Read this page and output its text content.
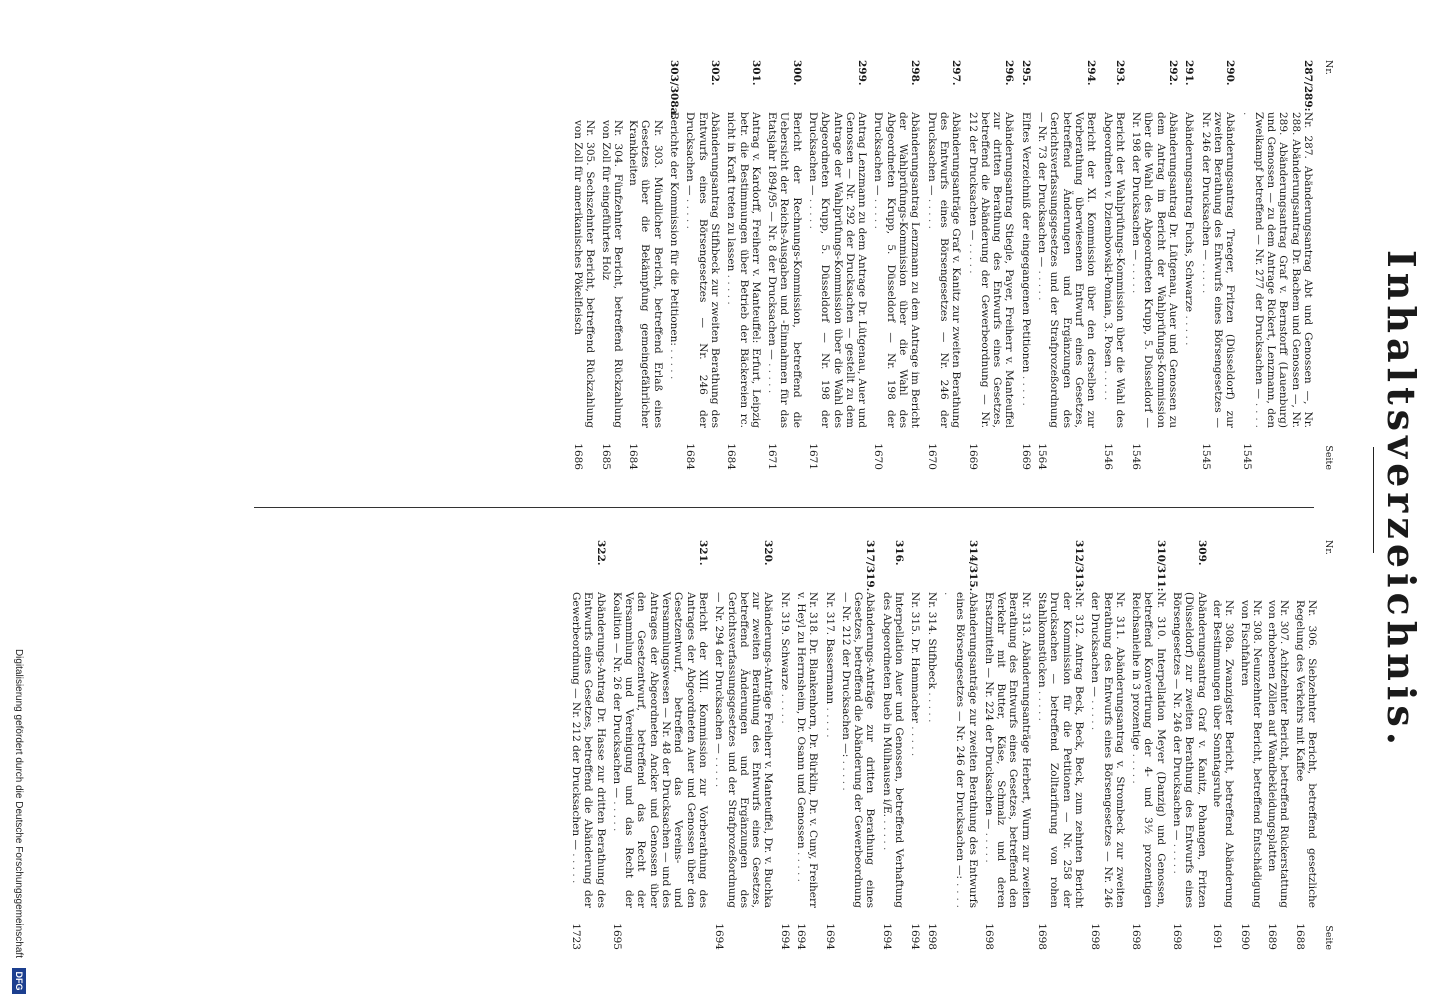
Inhaltsverzeichnis.
Nr.
Seite
287/289:
Nr. 287. Abänderungsantrag Abt und Genossen —, Nr. 288. Abänderungsantrag Dr. Bachem und Genossen —, Nr. 289. Abänderungsantrag Graf v. Bernstorff (Lauenburg) und Genossen — zu dem Antrage Rickert, Lenzmann, den Zweikampf betreffend — Nr. 277 der Drucksachen — . . .
1545
290.
Abänderungsantrag Traeger, Fritzen (Düsseldorf) zur zweiten Berathung des Entwurfs eines Börsengesetzes — Nr. 246 der Drucksachen — . . .
1545
291.
Abänderungsantrag Fuchs, Schwarze . . .
292.
Abänderungsantrag Dr. Lütgenau, Auer und Genossen zu dem Antrag im Bericht der Wahlprüfungs-Kommission über die Wahl des Abgeordneten Krupp, 5. Düsseldorf — Nr. 198 der Drucksachen — . . .
1546
293.
Bericht der Wahlprüfungs-Kommission über die Wahl des Abgeordneten v. Dziembowski-Pomian, 3. Posen . . .
1546
294.
Bericht der XI. Kommission über den derselben zur Vorberathung überwiesenen Entwurf eines Gesetzes, betreffend Änderungen und Ergänzungen des Gerichtsverfassungsgesetzes und der Strafprozeßordnung — Nr. 73 der Drucksachen — . . .
1564
295.
Elftes Verzeichniß der eingegangenen Petitionen . . .
1669
296.
Abänderungsantrag Stiegle, Payer, Freiherr v. Manteuffel zur dritten Berathung des Entwurfs eines Gesetzes, betreffend die Abänderung der Gewerbeordnung — Nr. 212 der Drucksachen — . . .
1669
297.
Abänderungsanträge Graf v. Kanitz zur zweiten Berathung des Entwurfs eines Börsengesetzes — Nr. 246 der Drucksachen — . . .
1670
298.
Abänderungsantrag Lenzmann zu dem Antrage im Bericht der Wahlprüfungs-Kommission über die Wahl des Abgeordneten Krupp, 5. Düsseldorf — Nr. 198 der Drucksachen — . . .
1670
299.
Antrag Lenzmann zu dem Antrage Dr. Lütgenau, Auer und Genossen — Nr. 292 der Drucksachen — gestellt zu dem Antrage der Wahlprüfungs-Kommission über die Wahl des Abgeordneten Krupp, 5. Düsseldorf — Nr. 198 der Drucksachen — . . .
1671
300.
Bericht der Rechnungs-Kommission, betreffend die Uebersicht der Reichs-Ausgaben und -Einnahmen für das Etatsjahr 1894/95 — Nr. 8 der Drucksachen — . . .
1671
301.
Antrag v. Kardorff, Freiherr v. Manteuffel: Erfurt, Leipzig betr. die Bestimmungen über Betrieb der Bäckereien rc. nicht in Kraft treten zu lassen . . .
1684
302.
Abänderungsantrag Stifhbeck zur zweiten Berathung des Entwurfs eines Börsengesetzes — Nr. 246 der Drucksachen — . . .
1684
303/308a.
Berichte der Kommission für die Petitionen: . . .
Nr. 303. Mündlicher Bericht, betreffend Erlaß eines Gesetzes über die Bekämpfung gemeingefährlicher Krankheiten
1684
Nr. 304. Fünfzehnter Bericht, betreffend Rückzahlung von Zoll für eingeführtes Holz
1685
Nr. 305. Sechszehnter Bericht, betreffend Rückzahlung von Zoll für amerikanisches Pökelfleisch
1686
Nr.
Seite
Nr. 306. Siebzehnter Bericht, betreffend gesetzliche Regelung des Verkehrs mit Kaffee
1688
Nr. 307. Achtzehnter Bericht, betreffend Rückerstattung von erhobenen Zöllen auf Wandbekleidungsplatten
1689
Nr. 308. Neunzehnter Bericht, betreffend Entschädigung von Fischfahren
1690
Nr. 308a. Zwanzigster Bericht, betreffend Abänderung der Bestimmungen über Sonntagsruhe
1691
309.
Abänderungsantrag Graf v. Kanitz, Pohangen, Fritzen (Düsseldorf) zur zweiten Berathung des Entwurfs eines Börsengesetzes — Nr. 246 der Drucksachen — . . .
1698
310/311:
Nr. 310. Interpellation Meyer (Danzig) und Genossen, betreffend Konvertirung der 4- und 3½ prozentigen Reichsanleihe in 3 prozentige . . .
1698
Nr. 311. Abänderungsantrag v. Strombeck zur zweiten Berathung des Entwurfs eines Börsengesetzes — Nr. 246 der Drucksachen — . . .
1698
312/313:
Nr. 312. Antrag Beck, Beck, Beck, zum zehnten Bericht der Kommission für die Petitionen — Nr. 258 der Drucksachen — betreffend Zolltarifirung von rohen Stahlkonnstücken . . .
1698
Nr. 313. Abänderungsanträge Herbert, Wurm zur zweiten Berathung des Entwurfs eines Gesetzes, betreffend den Verkehr mit Butter, Käse, Schmalz und deren Ersatzmitteln — Nr. 224 der Drucksachen — . . .
1698
314/315.
Abänderungsanträge zur zweiten Berathung des Entwurfs eines Börsengesetzes — Nr. 246 der Drucksachen —: . . .
Nr. 314. Stifhbeck . . .
1698
Nr. 315. Dr. Hammacher . . .
1694
316.
Interpellation Auer und Genossen, betreffend Verhaftung des Abgeordneten Bueb in Mülhausen i/E. . . .
1694
317/319.
Abänderungs-Anträge zur dritten Berathung eines Gesetzes, betreffend die Abänderung der Gewerbeordnung — Nr. 212 der Drucksachen —: . . .
Nr. 317. Bassermann . . .
1694
Nr. 318. Dr. Blankenhorn, Dr. Bürklin, Dr. v. Cuny, Freiherr v. Heyl zu Herrnsheim, Dr. Osann und Genossen . . .
1694
Nr. 319. Schwarze . . .
1694
320.
Abänderungs-Anträge Freiherr v. Manteuffel, Dr. v. Buchka zur zweiten Berathung des Entwurfs eines Gesetzes, betreffend Änderungen und Ergänzungen des Gerichtsverfassungsgesetzes und der Strafprozeßordnung — Nr. 294 der Drucksachen — . . .
1694
321.
Bericht der XIII. Kommission zur Vorberathung des Antrages der Abgeordneten Auer und Genossen über den Gesetzentwurf, betreffend das Vereins- und Versammlungswesen — Nr. 48 der Drucksachen — und des Antrages der Abgeordneten Ancker und Genossen über den Gesetzentwurf, betreffend das Recht der Versammlung und Vereinigung und das Recht der Koalition — Nr. 26 der Drucksachen — . . .
1695
322.
Abänderungs-Antrag Dr. Hasse zur dritten Berathung des Entwurfs eines Gesetzes, betreffend die Abänderung der Gewerbeordnung — Nr. 212 der Drucksachen — . . .
1723
Digitalisierung gefördert durch die Deutsche Forschungsgemeinschaft
DFG
